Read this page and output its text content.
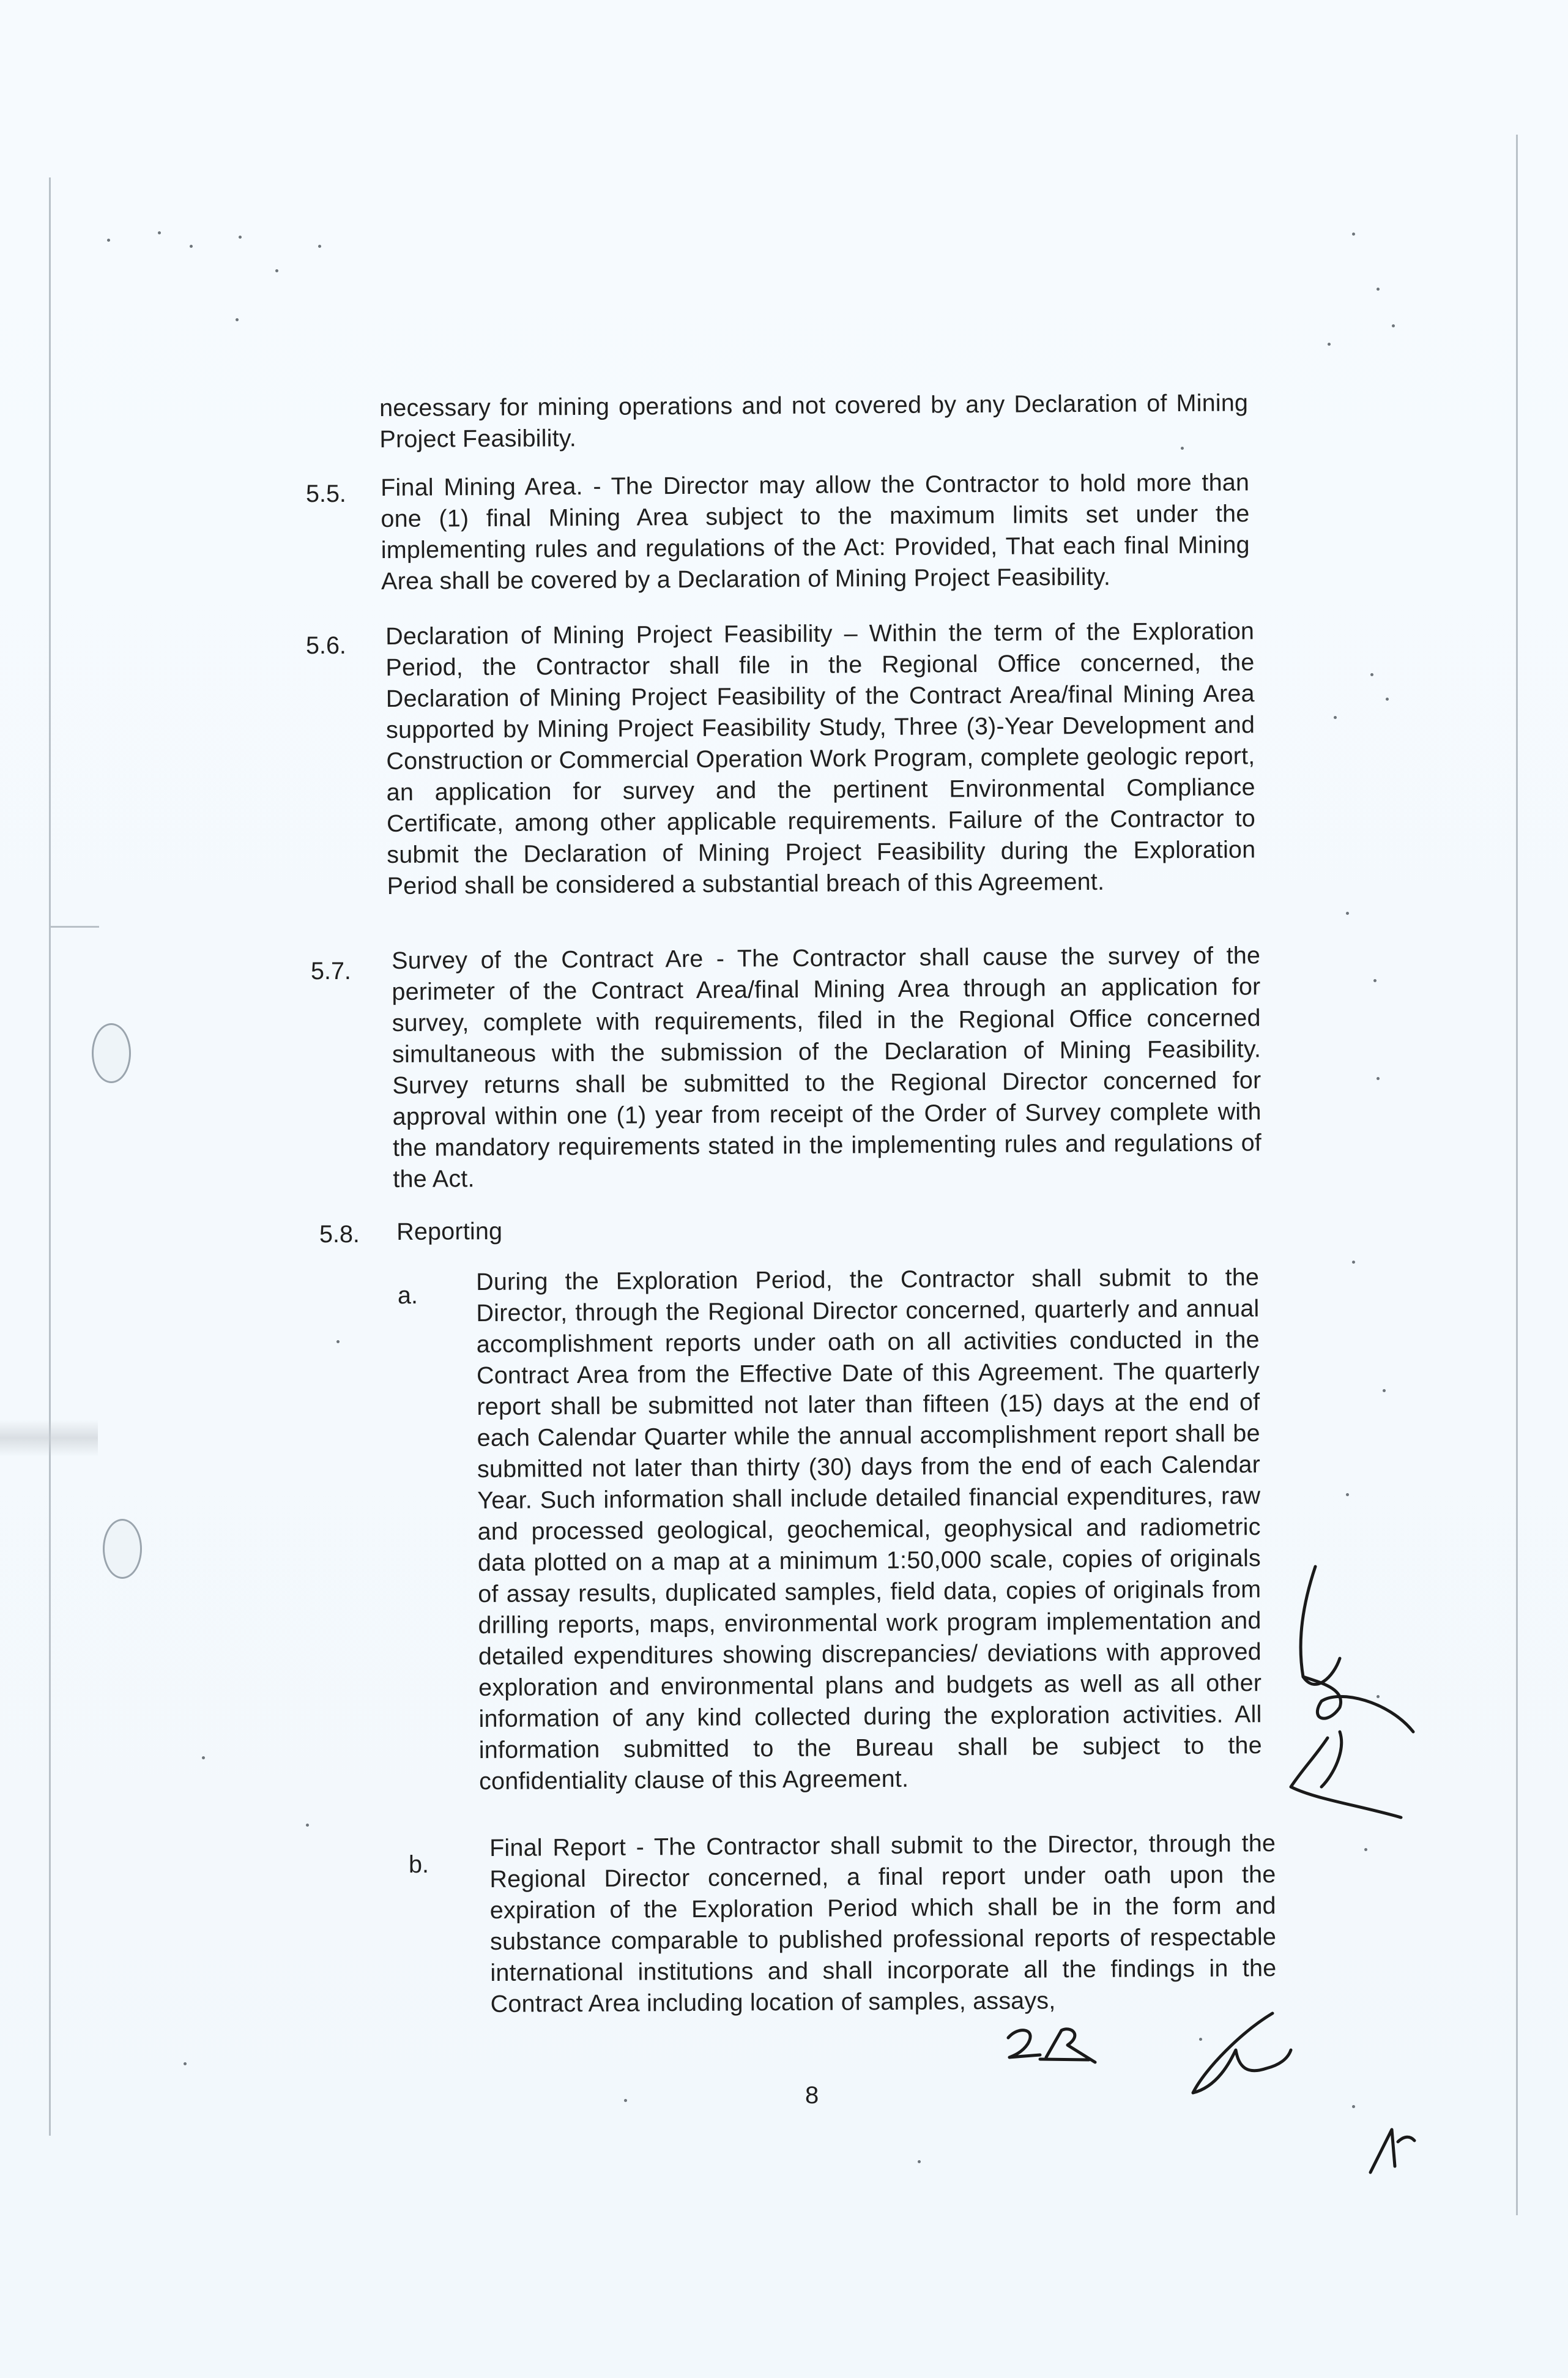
necessary for mining operations and not covered by any Declaration of Mining Project Feasibility.
5.5. Final Mining Area. - The Director may allow the Contractor to hold more than one (1) final Mining Area subject to the maximum limits set under the implementing rules and regulations of the Act: Provided, That each final Mining Area shall be covered by a Declaration of Mining Project Feasibility.
5.6. Declaration of Mining Project Feasibility – Within the term of the Exploration Period, the Contractor shall file in the Regional Office concerned, the Declaration of Mining Project Feasibility of the Contract Area/final Mining Area supported by Mining Project Feasibility Study, Three (3)-Year Development and Construction or Commercial Operation Work Program, complete geologic report, an application for survey and the pertinent Environmental Compliance Certificate, among other applicable requirements. Failure of the Contractor to submit the Declaration of Mining Project Feasibility during the Exploration Period shall be considered a substantial breach of this Agreement.
5.7. Survey of the Contract Are - The Contractor shall cause the survey of the perimeter of the Contract Area/final Mining Area through an application for survey, complete with requirements, filed in the Regional Office concerned simultaneous with the submission of the Declaration of Mining Feasibility. Survey returns shall be submitted to the Regional Director concerned for approval within one (1) year from receipt of the Order of Survey complete with the mandatory requirements stated in the implementing rules and regulations of the Act.
5.8. Reporting
a.
During the Exploration Period, the Contractor shall submit to the Director, through the Regional Director concerned, quarterly and annual accomplishment reports under oath on all activities conducted in the Contract Area from the Effective Date of this Agreement. The quarterly report shall be submitted not later than fifteen (15) days at the end of each Calendar Quarter while the annual accomplishment report shall be submitted not later than thirty (30) days from the end of each Calendar Year. Such information shall include detailed financial expenditures, raw and processed geological, geochemical, geophysical and radiometric data plotted on a map at a minimum 1:50,000 scale, copies of originals of assay results, duplicated samples, field data, copies of originals from drilling reports, maps, environmental work program implementation and detailed expenditures showing discrepancies/ deviations with approved exploration and environmental plans and budgets as well as all other information of any kind collected during the exploration activities. All information submitted to the Bureau shall be subject to the confidentiality clause of this Agreement.
b.
Final Report - The Contractor shall submit to the Director, through the Regional Director concerned, a final report under oath upon the expiration of the Exploration Period which shall be in the form and substance comparable to published professional reports of respectable international institutions and shall incorporate all the findings in the Contract Area including location of samples, assays,
8
